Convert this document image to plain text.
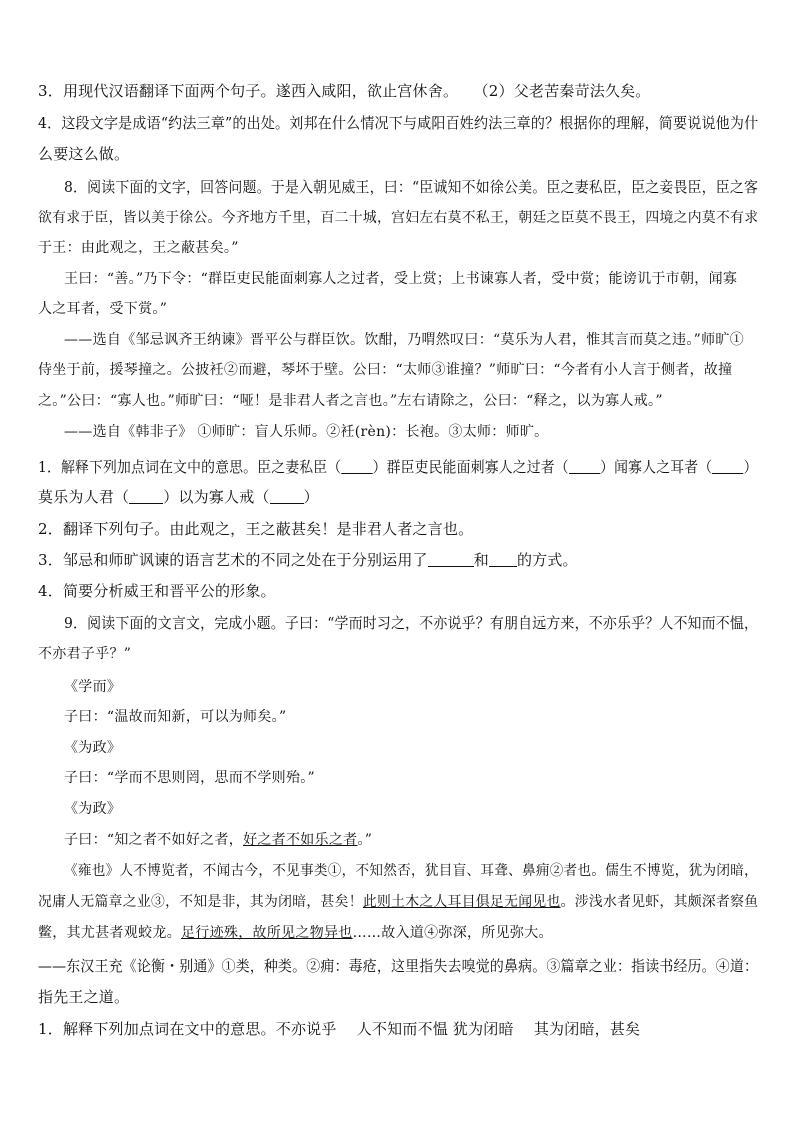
3．用现代汉语翻译下面两个句子。遂西入咸阳，欲止宫休舍。　　（2）父老苦秦苛法久矣。
4．这段文字是成语“约法三章”的出处。刘邦在什么情况下与咸阳百姓约法三章的？根据你的理解，简要说说他为什
么要这么做。
8．阅读下面的文字，回答问题。于是入朝见威王，曰：“臣诚知不如徐公美。臣之妻私臣，臣之妾畏臣，臣之客
欲有求于臣，皆以美于徐公。今齐地方千里，百二十城，宫妇左右莫不私王，朝廷之臣莫不畏王，四境之内莫不有求
于王：由此观之，王之蔽甚矣。”
王曰：“善。”乃下令：“群臣吏民能面刺寡人之过者，受上赏；上书谏寡人者，受中赏；能谤讥于市朝，闻寡
人之耳者，受下赏。”
——选自《邹忌讽齐王纳谏》晋平公与群臣饮。饮酣，乃喟然叹曰：“莫乐为人君，惟其言而莫之违。”师旷①
侍坐于前，援琴撞之。公披衽②而避，琴坏于壁。公曰：“太师③谁撞？”师旷曰：“今者有小人言于侧者，故撞
之。”公曰：“寡人也。”师旷曰：“哑！是非君人者之言也。”左右请除之，公曰：“释之，以为寡人戒。”
——选自《韩非子》 ①师旷：盲人乐师。②衽(rèn)：长袍。③太师：师旷。
1．解释下列加点词在文中的意思。臣之妻私臣（ ）群臣吏民能面刺寡人之过者（ ）闻寡人之耳者（ ）
莫乐为人君（ ）以为寡人戒（ ）
2．翻译下列句子。由此观之，王之蔽甚矣！是非君人者之言也。
3．邹忌和师旷讽谏的语言艺术的不同之处在于分别运用了	和 的方式。
4．简要分析威王和晋平公的形象。
9．阅读下面的文言文，完成小题。子曰：“学而时习之，不亦说乎？有朋自远方来，不亦乐乎？人不知而不愠，
不亦君子乎？”
《学而》
子曰：“温故而知新，可以为师矣。”
《为政》
子曰：“学而不思则罔，思而不学则殆。”
《为政》
子曰：“知之者不如好之者，好之者不如乐之者。”
《雍也》人不博览者，不闻古今，不见事类①，不知然否，犹目盲、耳聋、鼻痈②者也。儒生不博览，犹为闭暗，
况庸人无篇章之业③，不知是非，其为闭暗，甚矣！此则土木之人耳目俱足无闻见也。涉浅水者见虾，其颇深者察鱼
鳖，其尤甚者观蛟龙。足行迹殊，故所见之物异也……故入道④弥深，所见弥大。
——东汉王充《论衡・别通》①类，种类。②痈：毒疮，这里指失去嗅觉的鼻病。③篇章之业：指读书经历。④道：
指先王之道。
1．解释下列加点词在文中的意思。不亦说乎　 人不知而不愠 犹为闭暗　 其为闭暗，甚矣
